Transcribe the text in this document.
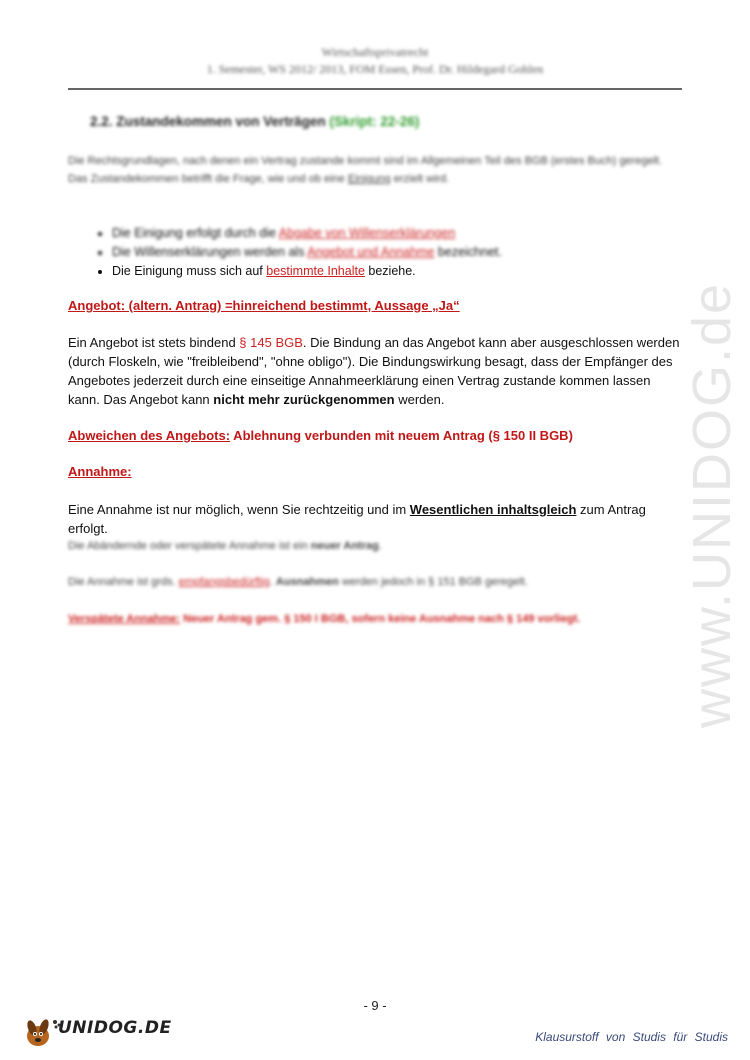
Wirtschaftsprivatrecht
1. Semester, WS 2012/ 2013, FOM Essen, Prof. Dr. Hildegard Gohlen
2.2. Zustandekommen von Verträgen (Skript: 22-26)
Die Rechtsgrundlagen, nach denen ein Vertrag zustande kommt sind im Allgemeinen Teil des BGB (erstes Buch) geregelt. Das Zustandekommen betrifft die Frage, wie und ob eine Einigung erzielt wird.
• Die Einigung erfolgt durch die Abgabe von Willenserklärungen
• Die Willenserklärungen werden als Angebot und Annahme bezeichnet.
• Die Einigung muss sich auf bestimmte Inhalte beziehe.
Angebot: (altern. Antrag) =hinreichend bestimmt, Aussage „Ja“
Ein Angebot ist stets bindend § 145 BGB. Die Bindung an das Angebot kann aber ausgeschlossen werden (durch Floskeln, wie "freibleibend", "ohne obligo"). Die Bindungswirkung besagt, dass der Empfänger des Angebotes jederzeit durch eine einseitige Annahmeerklärung einen Vertrag zustande kommen lassen kann. Das Angebot kann nicht mehr zurückgenommen werden.
Abweichen des Angebots: Ablehnung verbunden mit neuem Antrag (§ 150 II BGB)
Annahme:
Eine Annahme ist nur möglich, wenn Sie rechtzeitig und im Wesentlichen inhaltsgleich zum Antrag erfolgt.
Die Abändernde oder verspätete Annahme ist ein neuer Antrag.
Die Annahme ist grds. empfangsbedürftig. Ausnahmen werden jedoch in § 151 BGB geregelt.
Verspätete Annahme: Neuer Antrag gem. § 150 I BGB, sofern keine Ausnahme nach § 149 vorliegt.	www.UNIDOG.de
- 9 -
UNIDOG.DE	Klausurstoff von Studis für Studis
